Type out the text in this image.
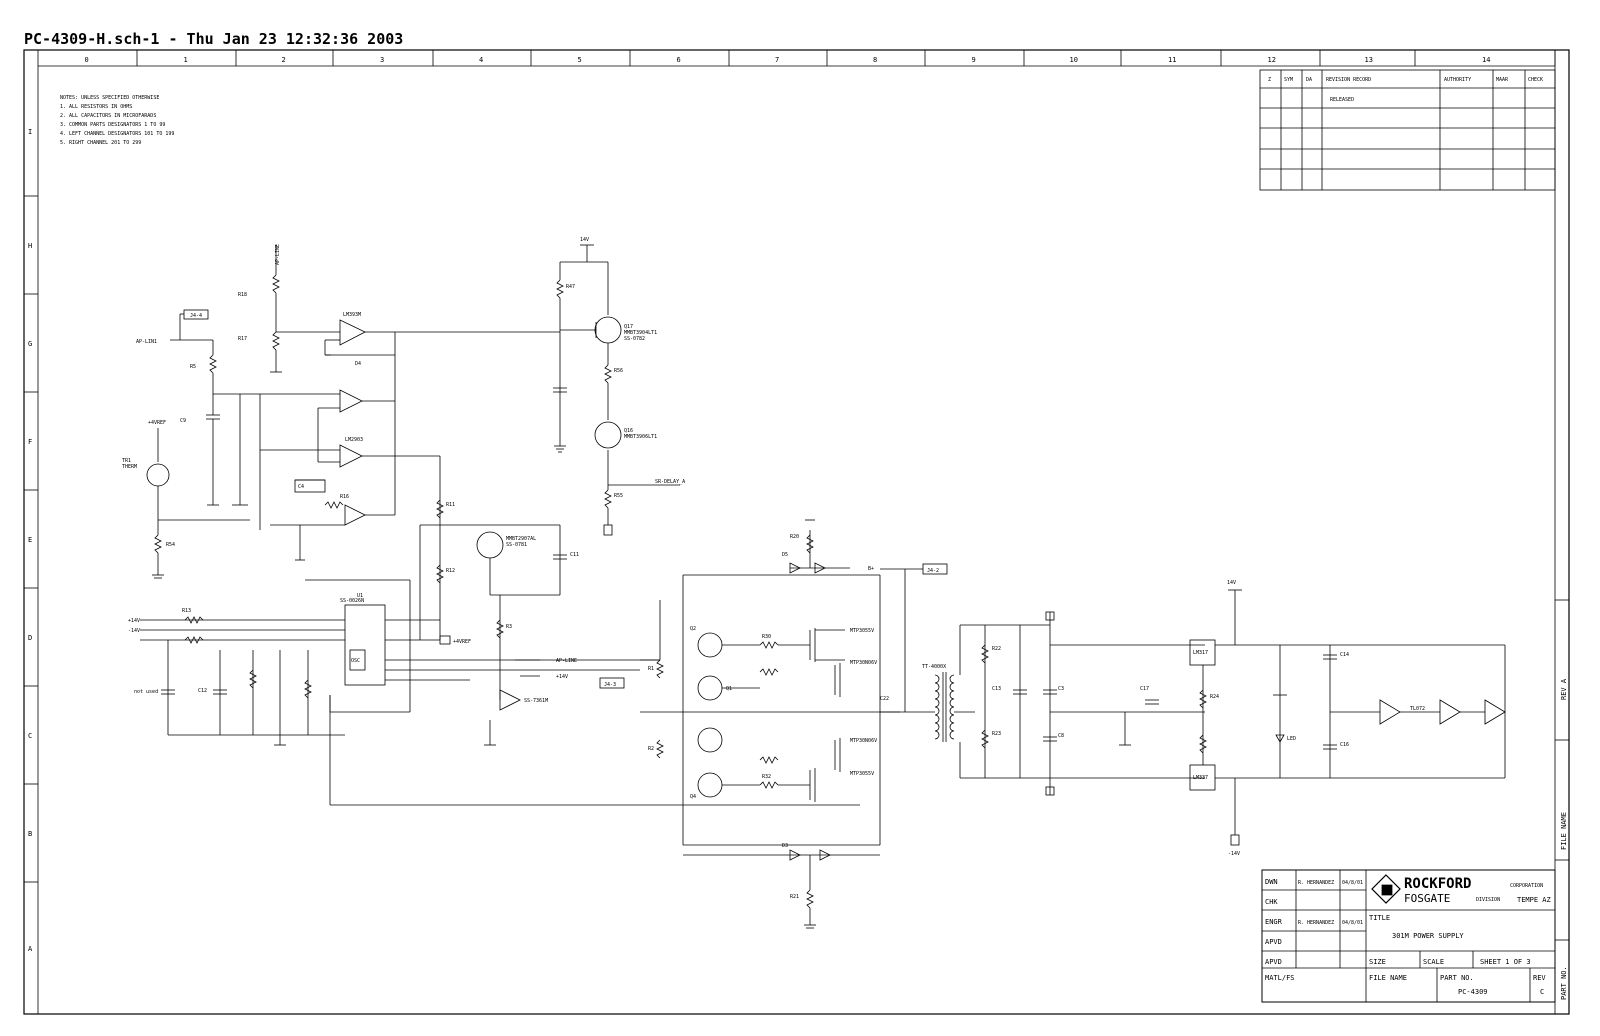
PC-4309-H.sch-1 - Thu Jan 23 12:32:36 2003
0	1	2	3	4	5	6	7	8	9	10	11	12	13	14
I
H
G
F
E
D
C
B
A
NOTES: UNLESS SPECIFIED OTHERWISE
1. ALL RESISTORS IN OHMS
2. ALL CAPACITORS IN MICROFARADS
3. COMMON PARTS DESIGNATORS 1 TO 99
4. LEFT CHANNEL DESIGNATORS 101 TO 199
5. RIGHT CHANNEL 201 TO 299
Z	SYM	DA	REVISION RECORD	AUTHORITY	MAAR	CHECK
RELEASED
DWN	R. HERNANDEZ 04/8/01
CHK
ENGR	R. HERNANDEZ 04/8/01
APVD
APVD
MATL/FS
ROCKFORD	CORPORATION
FOSGATE	DIVISION TEMPE AZ
TITLE
301M POWER SUPPLY
SIZE	SCALE	SHEET 1 OF 3
FILE NAME	PART NO.
PC-4309
REV
C
REV A
FILE NAME
PART NO.
14V
R47
Q17
MMBT3904LT1
SS-0782
R56
Q16
MMBT3906LT1
SR-DELAY_A
R55
AP-LINE
R18
R17
LM393M
D4
LM2903
AP-LIN1
J4-4
R5
C9
+4VREF
TR1
THERM
R54
C4
R16
U1
SS-0026N
OSC
+14V
-14V
R13
not used	C12
R11
R12
+4VREF
MMBT2907AL
SS-0781
C11
R3
AP-LINE
+14V
SS-7361M
J4-3
R1
R2
Q2
Q1
Q4
R30
R32
MTP3055V
MTP30N06V
MTP30N06V
MTP3055V
D5
R20
D3
R21
J4-2
B+
C22
TT-4000X
R22
R23
C13	C3
C8
C17
LM317
LM337
14V
-14V
R24
LED
C14
C16
TL072
